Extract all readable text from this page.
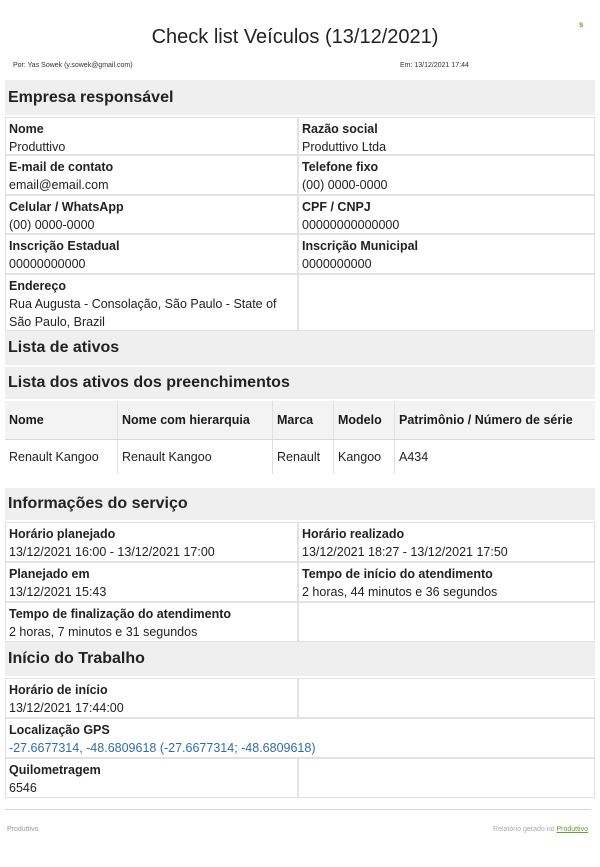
s
Check list Veículos (13/12/2021)
Por: Yas Sowek (y.sowek@gmail.com)	Em: 13/12/2021 17:44
Empresa responsável
Nome
Produttivo
Razão social
Produttivo Ltda
E-mail de contato
email@email.com
Telefone fixo
(00) 0000-0000
Celular / WhatsApp
(00) 0000-0000
CPF / CNPJ
00000000000000
Inscrição Estadual
00000000000
Inscrição Municipal
0000000000
Endereço
Rua Augusta - Consolação, São Paulo - State of São Paulo, Brazil
Lista de ativos
Lista dos ativos dos preenchimentos
Nome	Nome com hierarquia	Marca	Modelo	Patrimônio / Número de série
Renault Kangoo	Renault Kangoo	Renault	Kangoo	A434
Informações do serviço
Horário planejado
13/12/2021 16:00 - 13/12/2021 17:00
Horário realizado
13/12/2021 18:27 - 13/12/2021 17:50
Planejado em
13/12/2021 15:43
Tempo de início do atendimento
2 horas, 44 minutos e 36 segundos
Tempo de finalização do atendimento
2 horas, 7 minutos e 31 segundos
Início do Trabalho
Horário de início
13/12/2021 17:44:00
Localização GPS
-27.6677314, -48.6809618 (-27.6677314; -48.6809618)
Quilometragem
6546
Produttivo	Relatório gerado no Produttivo
